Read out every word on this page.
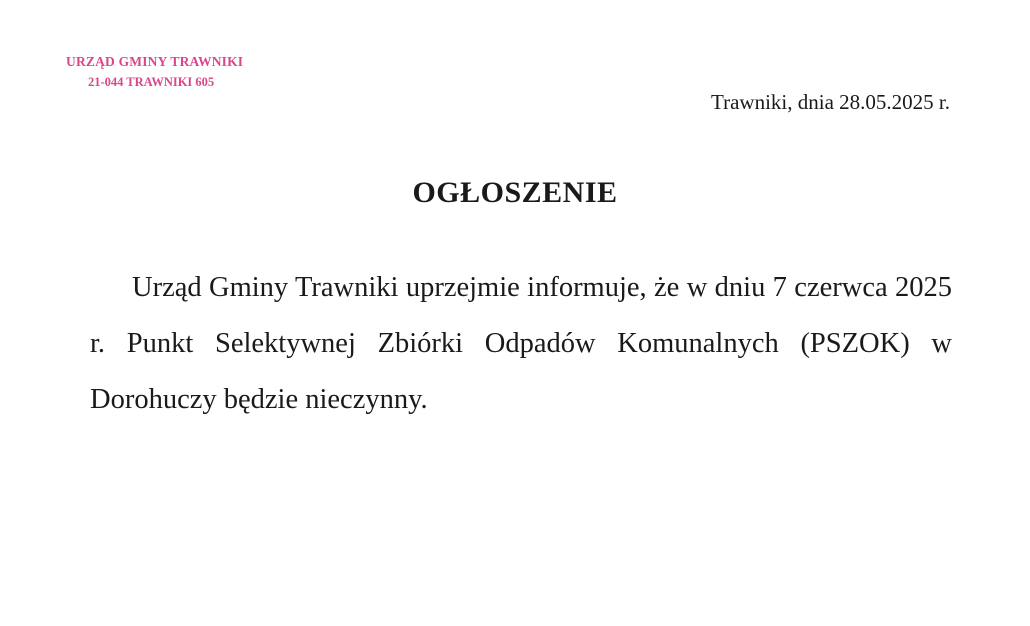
URZĄD GMINY TRAWNIKI
21-044 TRAWNIKI 605
Trawniki, dnia 28.05.2025 r.
OGŁOSZENIE

Urząd Gminy Trawniki uprzejmie informuje, że w dniu 7 czerwca 2025 r. Punkt Selektywnej Zbiórki Odpadów Komunalnych (PSZOK) w Dorohuczy będzie nieczynny.
